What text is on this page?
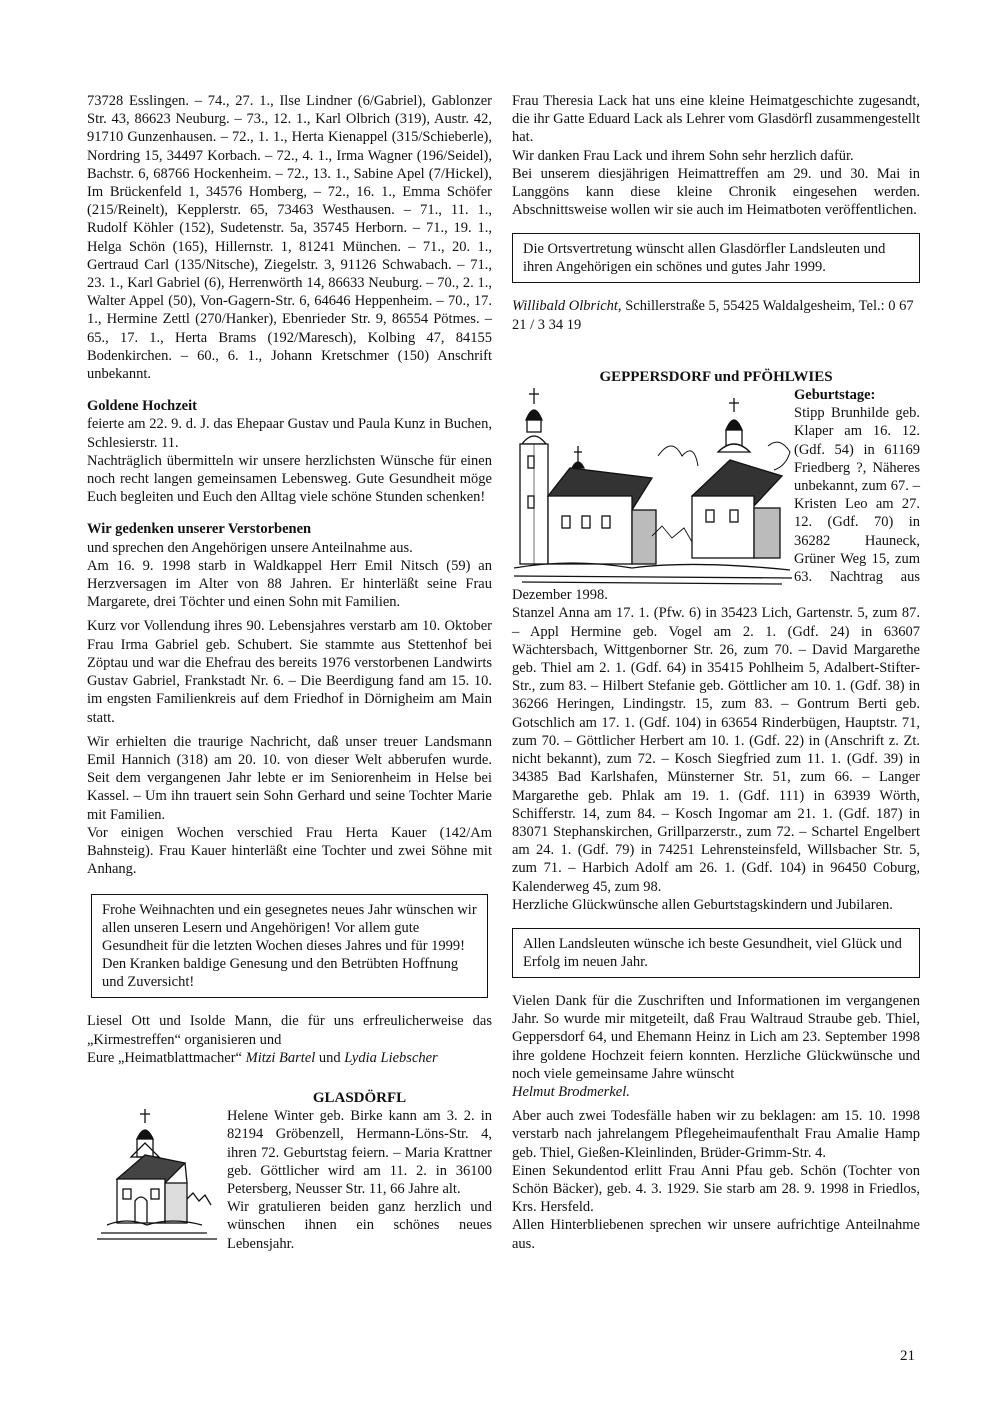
73728 Esslingen. – 74., 27. 1., Ilse Lindner (6/Gabriel), Gablonzer Str. 43, 86623 Neuburg. – 73., 12. 1., Karl Olbrich (319), Austr. 42, 91710 Gunzenhausen. – 72., 1. 1., Herta Kienappel (315/Schieberle), Nordring 15, 34497 Korbach. – 72., 4. 1., Irma Wagner (196/Seidel), Bachstr. 6, 68766 Hockenheim. – 72., 13. 1., Sabine Apel (7/Hickel), Im Brückenfeld 1, 34576 Homberg, – 72., 16. 1., Emma Schöfer (215/Reinelt), Kepplerstr. 65, 73463 Westhausen. – 71., 11. 1., Rudolf Köhler (152), Sudetenstr. 5a, 35745 Herborn. – 71., 19. 1., Helga Schön (165), Hillernstr. 1, 81241 München. – 71., 20. 1., Gertraud Carl (135/Nitsche), Ziegelstr. 3, 91126 Schwabach. – 71., 23. 1., Karl Gabriel (6), Herrenwörth 14, 86633 Neuburg. – 70., 2. 1., Walter Appel (50), Von-Gagern-Str. 6, 64646 Heppenheim. – 70., 17. 1., Hermine Zettl (270/Hanker), Ebenrieder Str. 9, 86554 Pötmes. – 65., 17. 1., Herta Brams (192/Maresch), Kolbing 47, 84155 Bodenkirchen. – 60., 6. 1., Johann Kretschmer (150) Anschrift unbekannt.

Goldene Hochzeit

feierte am 22. 9. d. J. das Ehepaar Gustav und Paula Kunz in Buchen, Schlesierstr. 11.

Nachträglich übermitteln wir unsere herzlichsten Wünsche für einen noch recht langen gemeinsamen Lebensweg. Gute Gesundheit möge Euch begleiten und Euch den Alltag viele schöne Stunden schenken!

Wir gedenken unserer Verstorbenen

und sprechen den Angehörigen unsere Anteilnahme aus.

Am 16. 9. 1998 starb in Waldkappel Herr Emil Nitsch (59) an Herzversagen im Alter von 88 Jahren. Er hinterläßt seine Frau Margarete, drei Töchter und einen Sohn mit Familien.

Kurz vor Vollendung ihres 90. Lebensjahres verstarb am 10. Oktober Frau Irma Gabriel geb. Schubert. Sie stammte aus Stettenhof bei Zöptau und war die Ehefrau des bereits 1976 verstorbenen Landwirts Gustav Gabriel, Frankstadt Nr. 6. – Die Beerdigung fand am 15. 10. im engsten Familienkreis auf dem Friedhof in Dörnigheim am Main statt.

Wir erhielten die traurige Nachricht, daß unser treuer Landsmann Emil Hannich (318) am 20. 10. von dieser Welt abberufen wurde. Seit dem vergangenen Jahr lebte er im Seniorenheim in Helse bei Kassel. – Um ihn trauert sein Sohn Gerhard und seine Tochter Marie mit Familien.

Vor einigen Wochen verschied Frau Herta Kauer (142/Am Bahnsteig). Frau Kauer hinterläßt eine Tochter und zwei Söhne mit Anhang.

Frohe Weihnachten und ein gesegnetes neues Jahr wünschen wir allen unseren Lesern und Angehörigen! Vor allem gute Gesundheit für die letzten Wochen dieses Jahres und für 1999! Den Kranken baldige Genesung und den Betrübten Hoffnung und Zuversicht!

Liesel Ott und Isolde Mann, die für uns erfreulicherweise das „Kirmestreffen“ organisieren und

Eure „Heimatblattmacher“ Mitzi Bartel und Lydia Liebscher

GLASDÖRFL

Helene Winter geb. Birke kann am 3. 2. in 82194 Gröbenzell, Hermann-Löns-Str. 4, ihren 72. Geburtstag feiern. – Maria Krattner geb. Göttlicher wird am 11. 2. in 36100 Petersberg, Neusser Str. 11, 66 Jahre alt.

Wir gratulieren beiden ganz herzlich und wünschen ihnen ein schönes neues Lebensjahr.

Frau Theresia Lack hat uns eine kleine Heimatgeschichte zugesandt, die ihr Gatte Eduard Lack als Lehrer vom Glasdörfl zusammengestellt hat.

Wir danken Frau Lack und ihrem Sohn sehr herzlich dafür.

Bei unserem diesjährigen Heimattreffen am 29. und 30. Mai in Langgöns kann diese kleine Chronik eingesehen werden. Abschnittsweise wollen wir sie auch im Heimatboten veröffentlichen.

Die Ortsvertretung wünscht allen Glasdörfler Landsleuten und ihren Angehörigen ein schönes und gutes Jahr 1999.

Willibald Olbricht, Schillerstraße 5, 55425 Waldalgesheim, Tel.: 0 67 21 / 3 34 19

GEPPERSDORF und PFÖHLWIES

Geburtstage:

Stipp Brunhilde geb. Klaper am 16. 12. (Gdf. 54) in 61169 Friedberg ?, Näheres unbekannt, zum 67. – Kristen Leo am 27. 12. (Gdf. 70) in 36282 Hauneck, Grüner Weg 15, zum 63. Nachtrag aus Dezember 1998.

Stanzel Anna am 17. 1. (Pfw. 6) in 35423 Lich, Gartenstr. 5, zum 87. – Appl Hermine geb. Vogel am 2. 1. (Gdf. 24) in 63607 Wächtersbach, Wittgenborner Str. 26, zum 70. – David Margarethe geb. Thiel am 2. 1. (Gdf. 64) in 35415 Pohlheim 5, Adalbert-Stifter-Str., zum 83. – Hilbert Stefanie geb. Göttlicher am 10. 1. (Gdf. 38) in 36266 Heringen, Lindingstr. 15, zum 83. – Gontrum Berti geb. Gotschlich am 17. 1. (Gdf. 104) in 63654 Rinderbügen, Hauptstr. 71, zum 70. – Göttlicher Herbert am 10. 1. (Gdf. 22) in (Anschrift z. Zt. nicht bekannt), zum 72. – Kosch Siegfried zum 11. 1. (Gdf. 39) in 34385 Bad Karlshafen, Münsterner Str. 51, zum 66. – Langer Margarethe geb. Phlak am 19. 1. (Gdf. 111) in 63939 Wörth, Schifferstr. 14, zum 84. – Kosch Ingomar am 21. 1. (Gdf. 187) in 83071 Stephanskirchen, Grillparzerstr., zum 72. – Schartel Engelbert am 24. 1. (Gdf. 79) in 74251 Lehrensteinsfeld, Willsbacher Str. 5, zum 71. – Harbich Adolf am 26. 1. (Gdf. 104) in 96450 Coburg, Kalenderweg 45, zum 98.

Herzliche Glückwünsche allen Geburtstagskindern und Jubilaren.

Allen Landsleuten wünsche ich beste Gesundheit, viel Glück und Erfolg im neuen Jahr.

Vielen Dank für die Zuschriften und Informationen im vergangenen Jahr. So wurde mir mitgeteilt, daß Frau Waltraud Straube geb. Thiel, Geppersdorf 64, und Ehemann Heinz in Lich am 23. September 1998 ihre goldene Hochzeit feiern konnten. Herzliche Glückwünsche und noch viele gemeinsame Jahre wünscht

Helmut Brodmerkel.

Aber auch zwei Todesfälle haben wir zu beklagen: am 15. 10. 1998 verstarb nach jahrelangem Pflegeheimaufenthalt Frau Amalie Hamp geb. Thiel, Gießen-Kleinlinden, Brüder-Grimm-Str. 4.

Einen Sekundentod erlitt Frau Anni Pfau geb. Schön (Tochter von Schön Bäcker), geb. 4. 3. 1929. Sie starb am 28. 9. 1998 in Friedlos, Krs. Hersfeld.

Allen Hinterbliebenen sprechen wir unsere aufrichtige Anteilnahme aus.

21
